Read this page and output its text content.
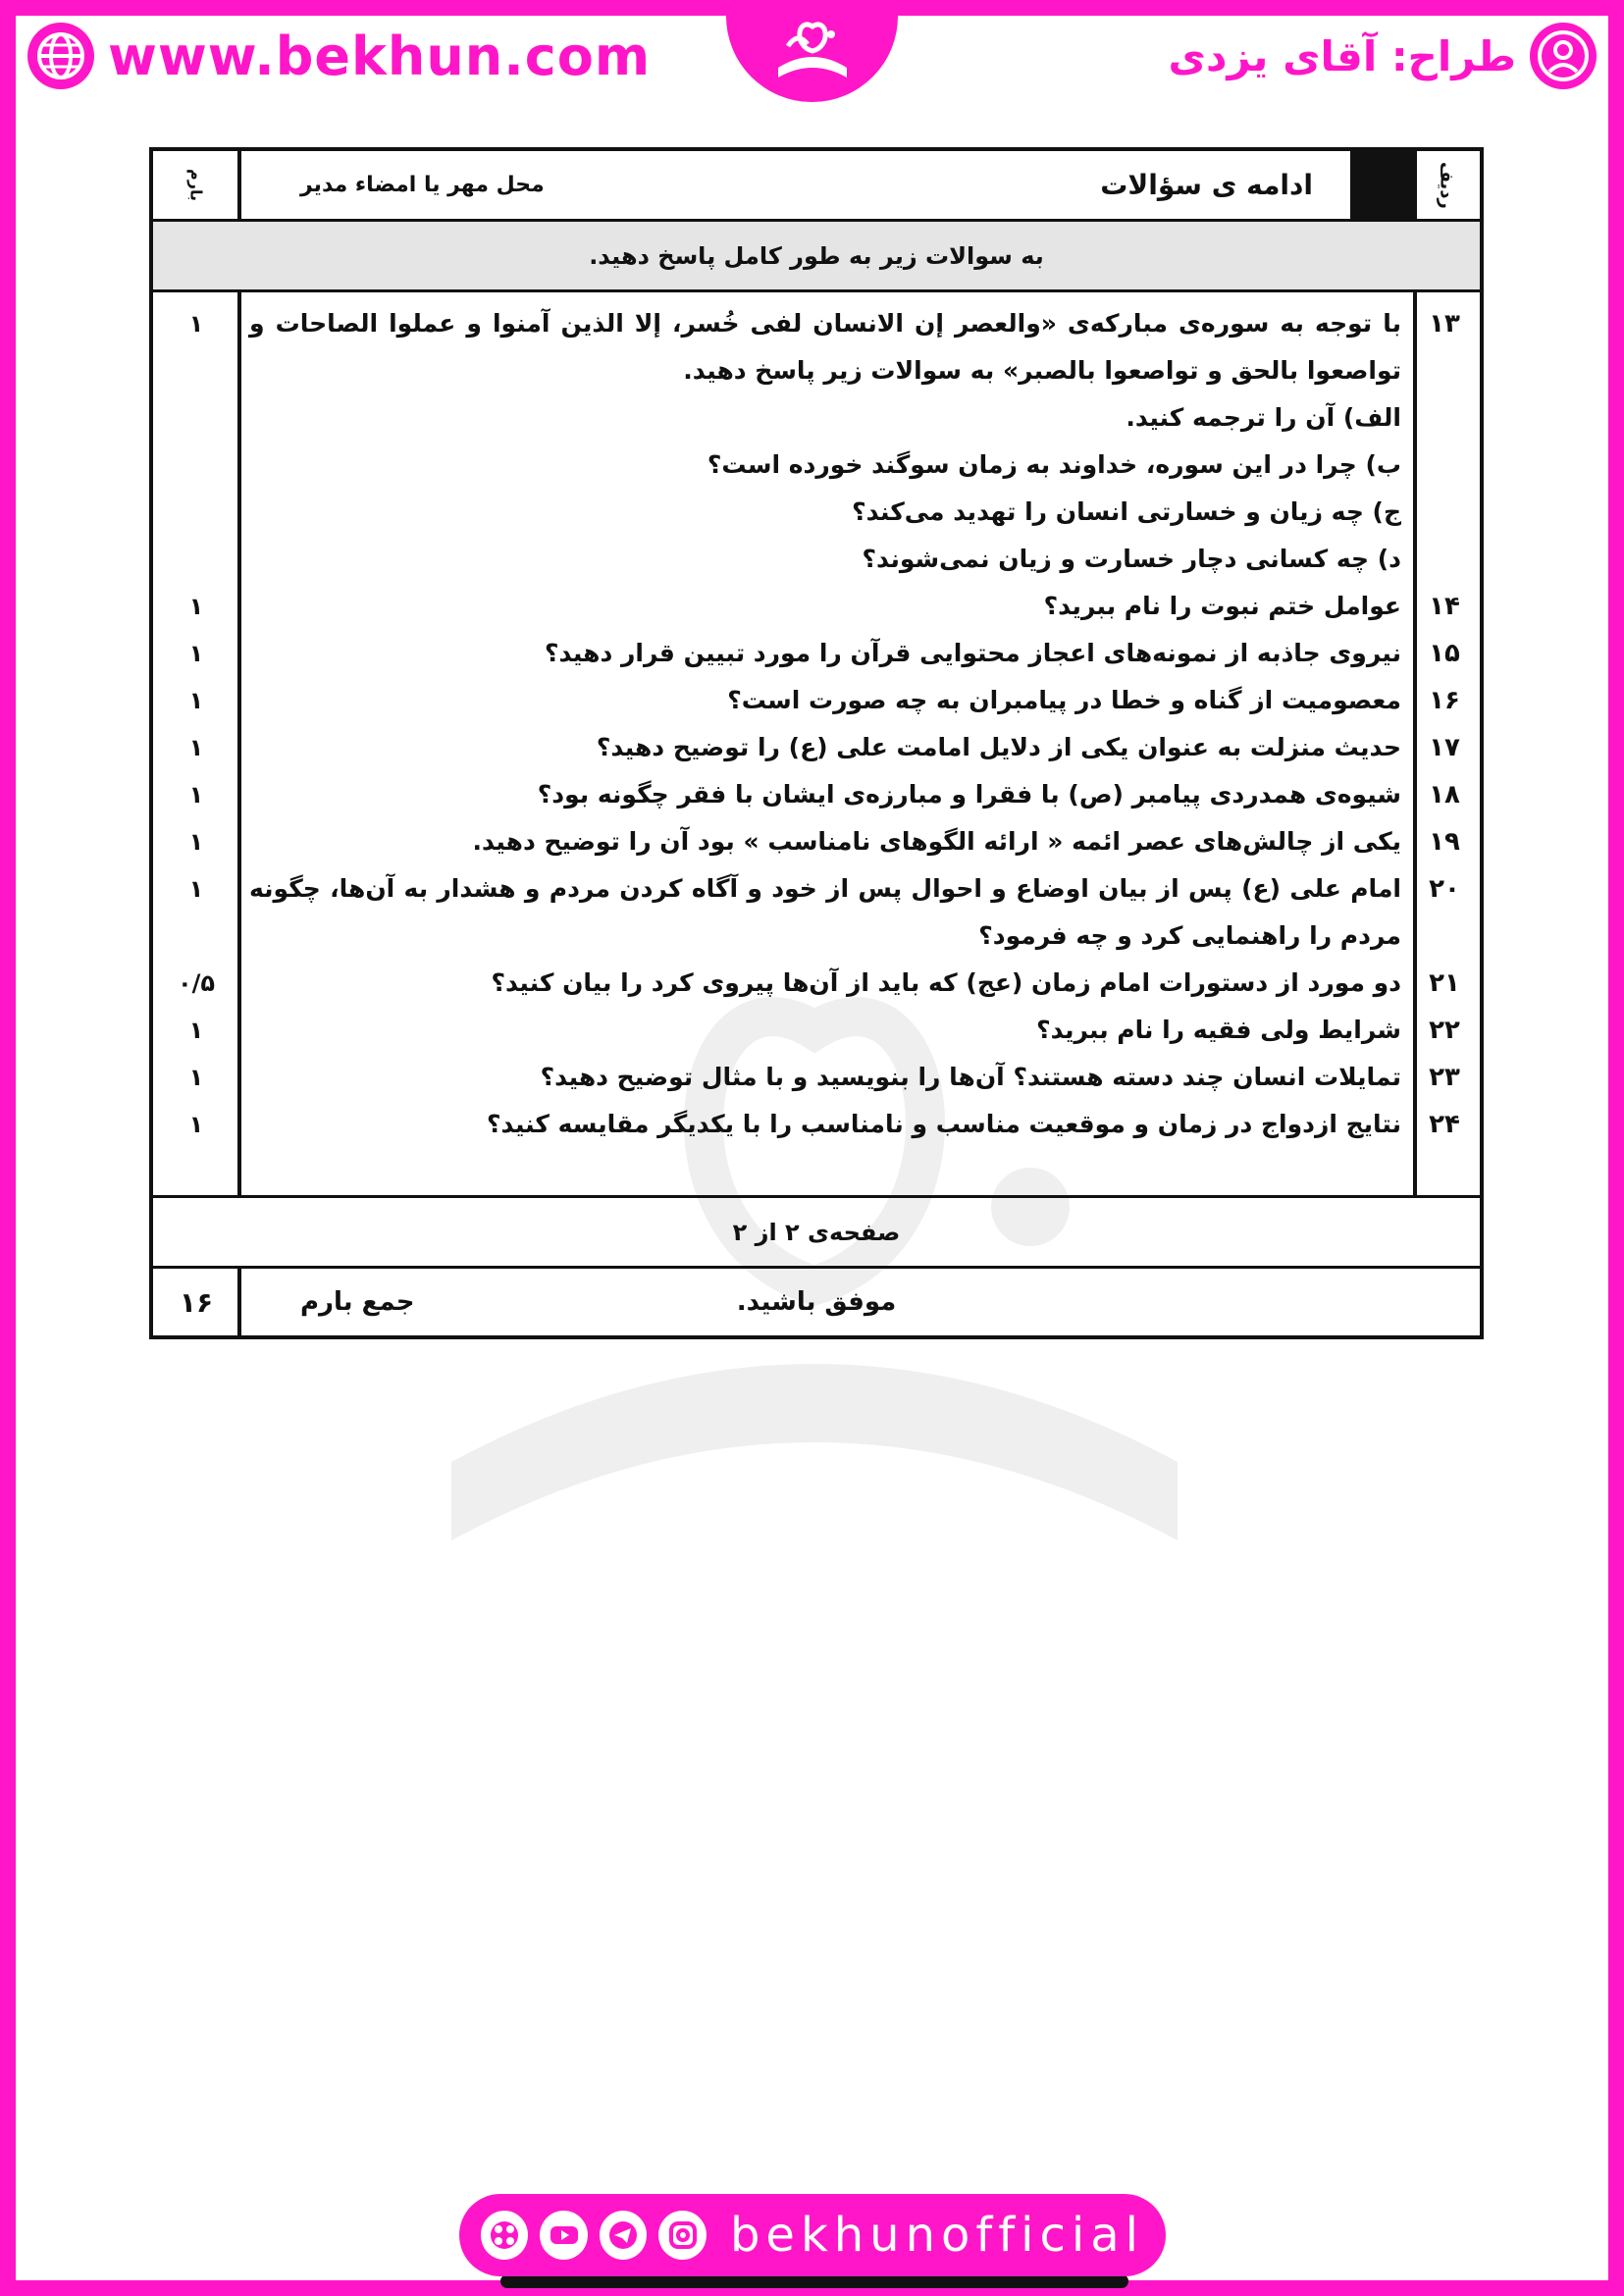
www.bekhun.com	طراح: آقای یزدی
ردیف
ادامه ی سؤالات
محل مهر یا امضاء مدیر
بارم
به سوالات زیر به طور کامل پاسخ دهید.
۱۳
با توجه به سوره‌ی مبارکه‌ی «والعصر إن الانسان لفی خُسر، إلا الذین آمنوا و عملوا الصاحات و تواصعوا بالحق و تواصعوا بالصبر» به سوالات زیر پاسخ دهید.
الف) آن را ترجمه کنید.
ب) چرا در این سوره، خداوند به زمان سوگند خورده است؟
ج) چه زیان و خسارتی انسان را تهدید می‌کند؟
د) چه کسانی دچار خسارت و زیان نمی‌شوند؟
۱
۱۴
عوامل ختم نبوت را نام ببرید؟
۱
۱۵
نیروی جاذبه از نمونه‌های اعجاز محتوایی قرآن را مورد تبیین قرار دهید؟
۱
۱۶
معصومیت از گناه و خطا در پیامبران به چه صورت است؟
۱
۱۷
حدیث منزلت به عنوان یکی از دلایل امامت علی (ع) را توضیح دهید؟
۱
۱۸
شیوه‌ی همدردی پیامبر (ص) با فقرا و مبارزه‌ی ایشان با فقر چگونه بود؟
۱
۱۹
یکی از چالش‌های عصر ائمه « ارائه الگوهای نامناسب » بود آن را توضیح دهید.
۱
۲۰
امام علی (ع) پس از بیان اوضاع و احوال پس از خود و آگاه کردن مردم و هشدار به آن‌ها، چگونه مردم را راهنمایی کرد و چه فرمود؟
۱
۲۱
دو مورد از دستورات امام زمان (عج) که باید از آن‌ها پیروی کرد را بیان کنید؟
۰/۵
۲۲
شرایط ولی فقیه را نام ببرید؟
۱
۲۳
تمایلات انسان چند دسته هستند؟ آن‌ها را بنویسید و با مثال توضیح دهید؟
۱
۲۴
نتایج ازدواج در زمان و موقعیت مناسب و نامناسب را با یکدیگر مقایسه کنید؟
۱
صفحه‌ی ۲ از ۲
موفق باشید.
جمع بارم
۱۶
bekhunofficial
